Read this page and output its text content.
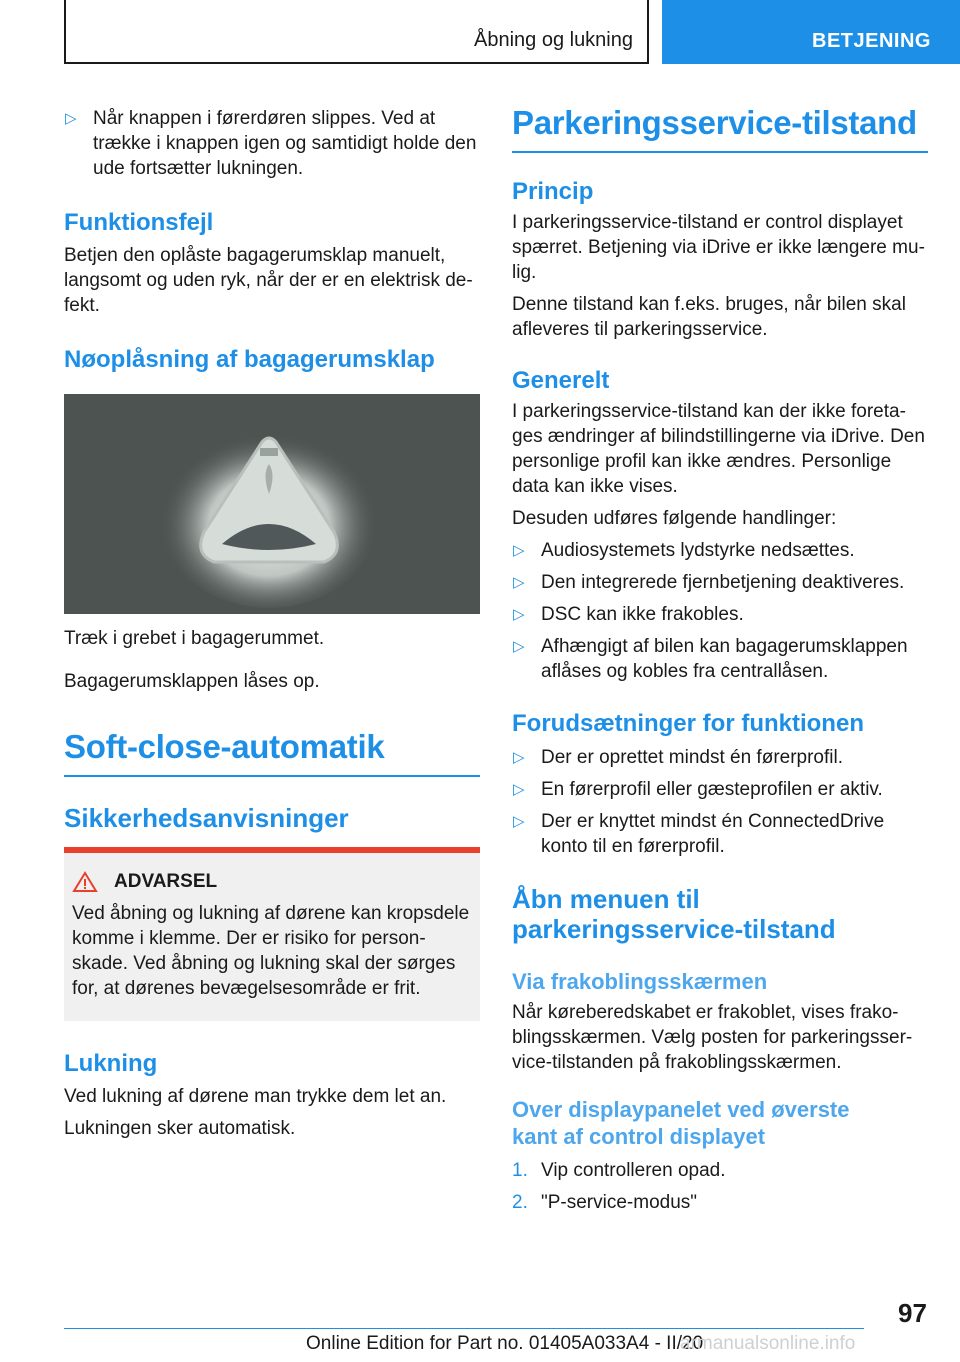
Åbning og lukning	BETJENING
▷ Når knappen i førerdøren slippes. Ved at trække i knappen igen og samtidigt holde den ude fortsætter lukningen.
Funktionsfejl

Betjen den oplåste bagagerumsklap manuelt, langsomt og uden ryk, når der er en elektrisk defekt.

Nøoplåsning af bagagerumsklap

Træk i grebet i bagagerummet.

Bagagerumsklappen låses op.

Soft-close-automatik
Sikkerhedsanvisninger
ADVARSEL

Ved åbning og lukning af dørene kan kropsdele komme i klemme. Der er risiko for personskade. Ved åbning og lukning skal der sørges for, at dørenes bevægelsesområde er frit.

Lukning

Ved lukning af dørene man trykke dem let an.

Lukningen sker automatisk.

Parkeringsservice-tilstand
Princip

I parkeringsservice-tilstand er control displayet spærret. Betjening via iDrive er ikke længere mulig.

Denne tilstand kan f.eks. bruges, når bilen skal afleveres til parkeringsservice.

Generelt

I parkeringsservice-tilstand kan der ikke foretages ændringer af bilindstillingerne via iDrive. Den personlige profil kan ikke ændres. Personlige data kan ikke vises.

Desuden udføres følgende handlinger:

▷ Audiosystemets lydstyrke nedsættes.
▷ Den integrerede fjernbetjening deaktiveres.
▷ DSC kan ikke frakobles.
▷ Afhængigt af bilen kan bagagerumsklappen aflåses og kobles fra centrallåsen.
Forudsætninger for funktionen
▷ Der er oprettet mindst én førerprofil.
▷ En førerprofil eller gæsteprofilen er aktiv.
▷ Der er knyttet mindst én ConnectedDrive konto til en førerprofil.
Åbn menuen til
parkeringsservice-tilstand
Via frakoblingsskærmen

Når køreberedskabet er frakoblet, vises frakoblingsskærmen. Vælg posten for parkeringsservice-tilstanden på frakoblingsskærmen.

Over displaypanelet ved øverste
kant af control displayet
1. Vip controlleren opad.
2. "P-service-modus"
97
Online Edition for Part no. 01405A033A4 - II/20
armanualsonline.info
